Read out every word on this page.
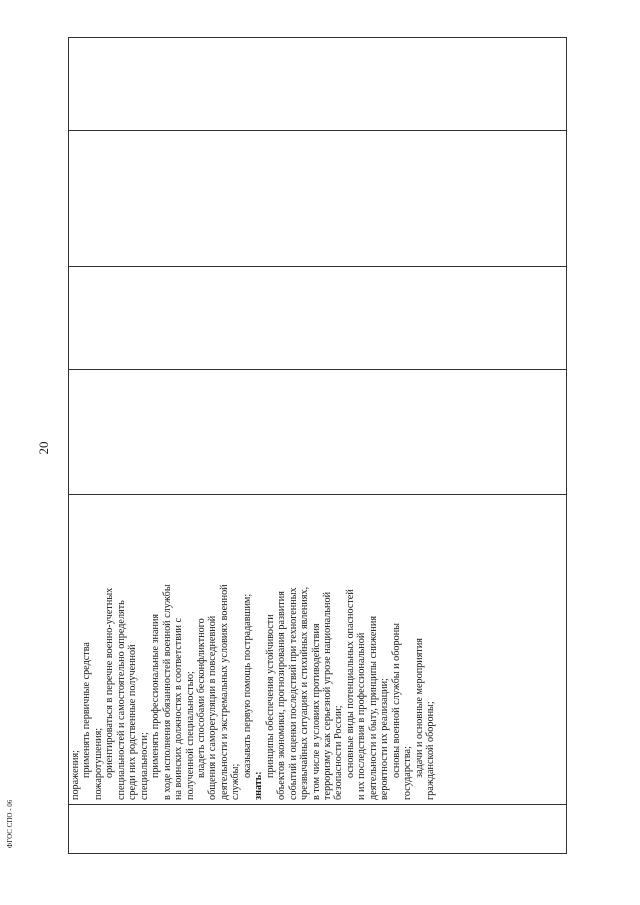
20

поражения; применять первичные средства пожаротушения; ориентироваться в перечне военно-учетных специальностей и самостоятельно определять среди них родственные полученной специальности; применять профессиональные знания в ходе исполнения обязанностей военной службы на воинских должностях в соответствии с полученной специальностью; владеть способами бесконфликтного общения и саморегуляции в повседневной деятельности и экстремальных условиях военной службы;

оказывать первую помощь пострадавшим;

знать:

принципы обеспечения устойчивости объектов экономики, прогнозирования развития событий и оценки последствий при техногенных чрезвычайных ситуациях и стихийных явлениях, в том числе в условиях противодействия терроризму как серьезной угрозе национальной безопасности России; основные виды потенциальных опасностей и их последствия в профессиональной деятельности и быту, принципы снижения вероятности их реализации; основы военной службы и обороны государства; задачи и основные мероприятия гражданской обороны;

ФГОС СПО - 06
